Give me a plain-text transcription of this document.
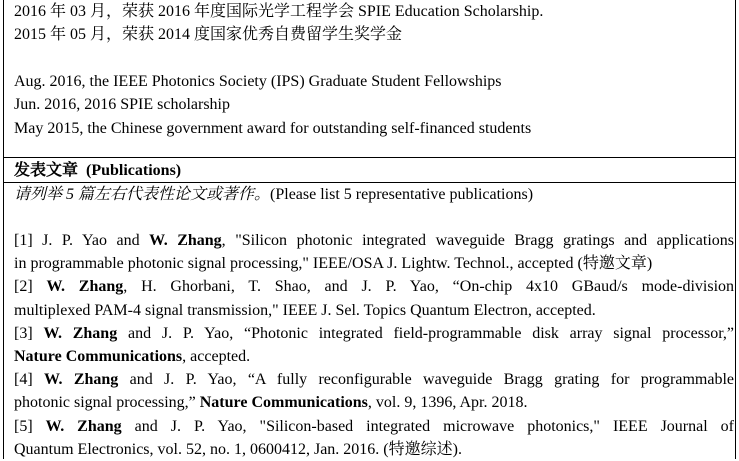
2016 年 03 月，荣获 2016 年度国际光学工程学会 SPIE Education Scholarship.
2015 年 05 月，荣获 2014 度国家优秀自费留学生奖学金
Aug. 2016, the IEEE Photonics Society (IPS) Graduate Student Fellowships
Jun. 2016, 2016 SPIE scholarship
May 2015, the Chinese government award for outstanding self-financed students
发表文章 (Publications)
请列举 5 篇左右代表性论文或著作。(Please list 5 representative publications)
[1] J. P. Yao and W. Zhang, "Silicon photonic integrated waveguide Bragg gratings and applications
in programmable photonic signal processing," IEEE/OSA J. Lightw. Technol., accepted (特邀文章)
[2] W. Zhang, H. Ghorbani, T. Shao, and J. P. Yao, “On-chip 4x10 GBaud/s mode-division
multiplexed PAM-4 signal transmission," IEEE J. Sel. Topics Quantum Electron, accepted.
[3] W. Zhang and J. P. Yao, “Photonic integrated field-programmable disk array signal processor,”
Nature Communications, accepted.
[4] W. Zhang and J. P. Yao, “A fully reconfigurable waveguide Bragg grating for programmable
photonic signal processing,” Nature Communications, vol. 9, 1396, Apr. 2018.
[5] W. Zhang and J. P. Yao, "Silicon-based integrated microwave photonics," IEEE Journal of
Quantum Electronics, vol. 52, no. 1, 0600412, Jan. 2016. (特邀综述).
